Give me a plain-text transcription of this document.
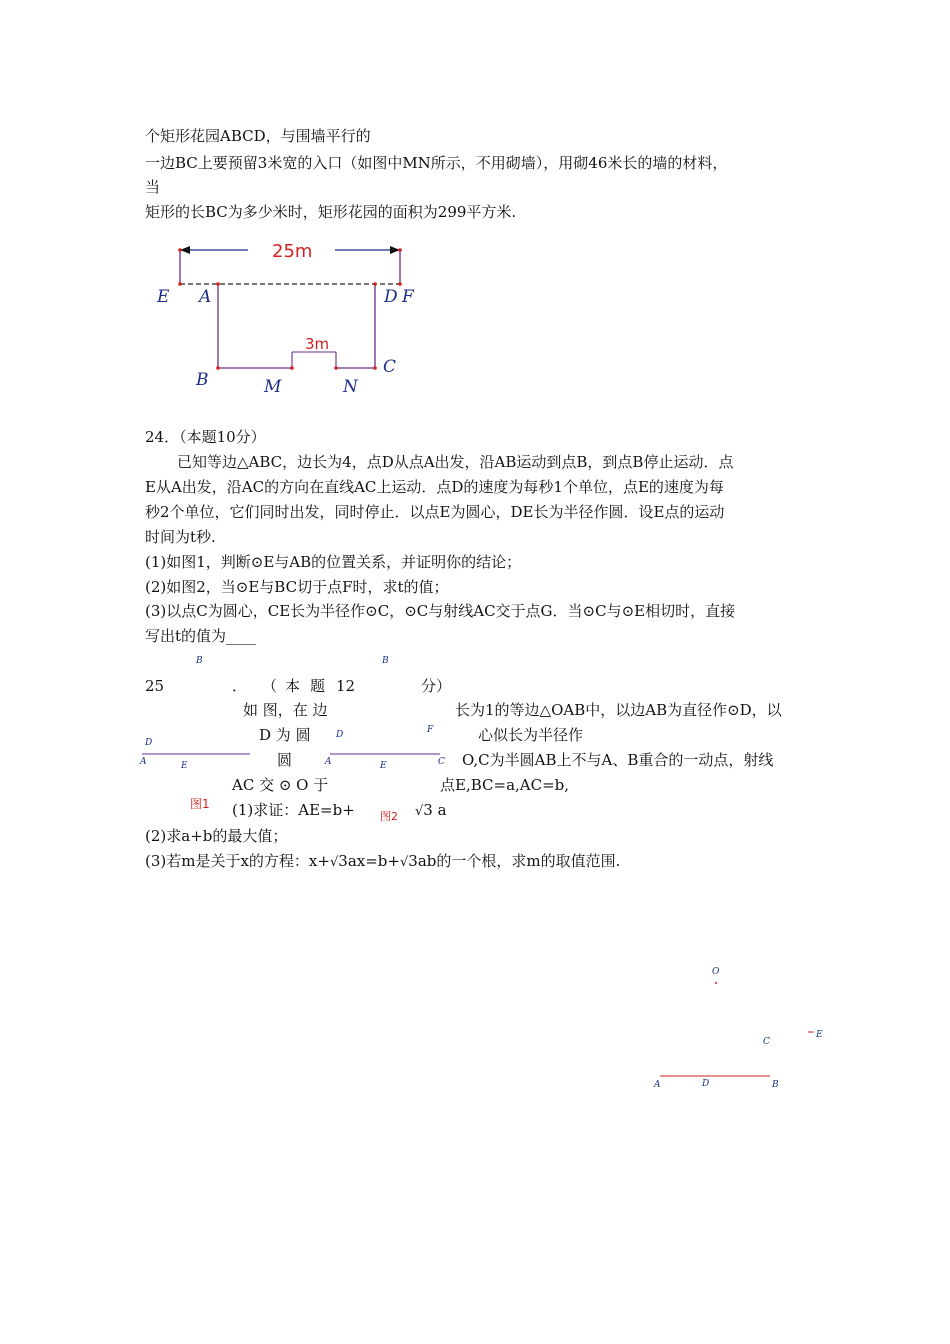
个矩形花园ABCD，与围墙平行的
一边BC上要预留3米宽的入口（如图中MN所示，不用砌墙），用砌46米长的墙的材料，
当
矩形的长BC为多少米时，矩形花园的面积为299平方米.
25m
3m
E A	D F
B	M	N
C
24．（本题10分）
已知等边△ABC，边长为4，点D从点A出发，沿AB运动到点B，到点B停止运动．点
E从A出发，沿AC的方向在直线AC上运动．点D的速度为每秒1个单位，点E的速度为每
秒2个单位，它们同时出发，同时停止．以点E为圆心，DE长为半径作圆．设E点的运动
时间为t秒.
(1)如图1，判断⊙E与AB的位置关系，并证明你的结论；
(2)如图2，当⊙E与BC切于点F时，求t的值；
(3)以点C为圆心，CE长为半径作⊙C，⊙C与射线AC交于点G．当⊙C与⊙E相切时，直接
写出t的值为____
25	． （ 本 题 12	分）
如 图，在 边	长为1的等边△OAB中，以边AB为直径作⊙D，以
D 为 圆	心似长为半径作
圆	O,C为半圆AB上不与A、B重合的一动点，射线
AC 交 ⊙ O 于	点E,BC=a,AC=b,
(1)求证：AE=b+	√3 a
(2)求a+b的最大值；
(3)若m是关于x的方程：x+√3ax=b+√3ab的一个根，求m的取值范围.
B
D
A	E
图1
B
D	F
A	E	C
图2
O
C
E
A	D	B
